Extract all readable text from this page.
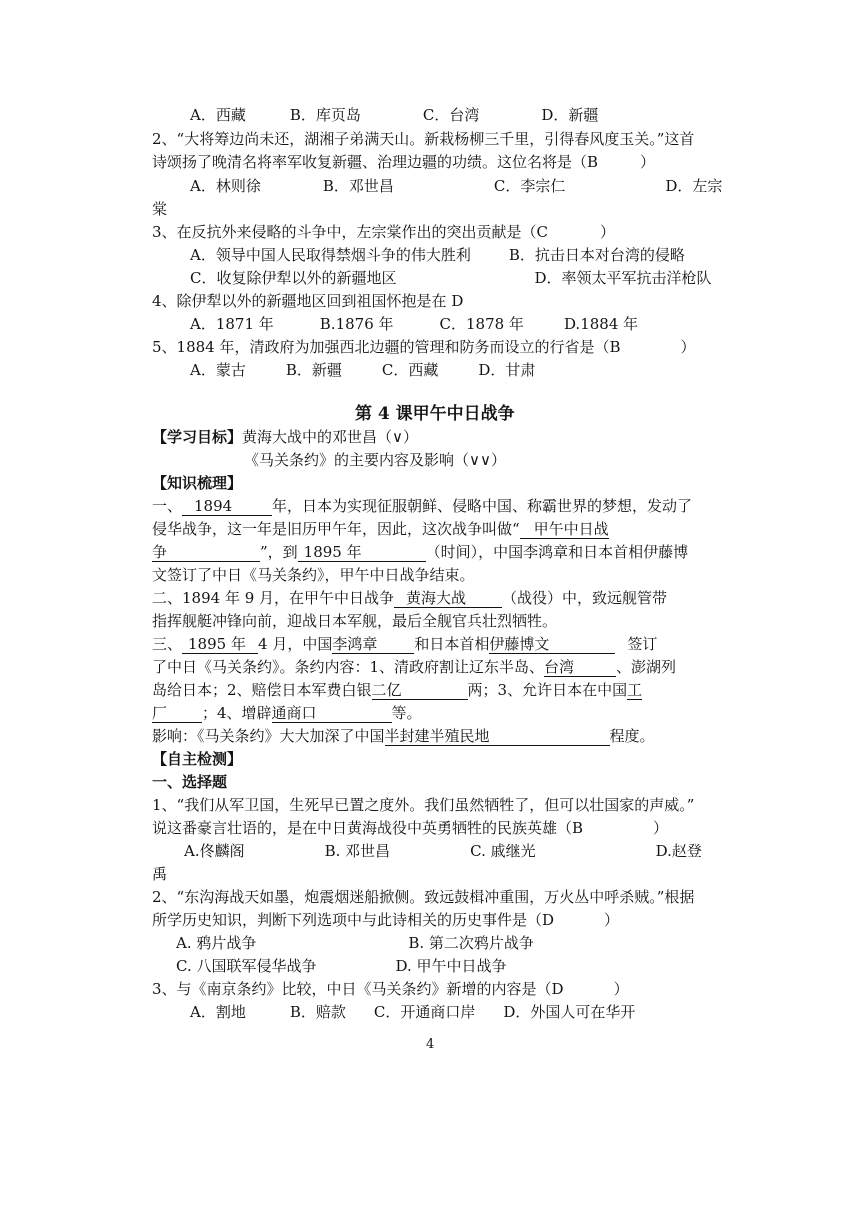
A．西藏	B．库页岛	C．台湾	D．新疆
2、“大将筹边尚未还，湖湘子弟满天山。新栽杨柳三千里，引得春风度玉关。”这首
诗颂扬了晚清名将率军收复新疆、治理边疆的功绩。这位名将是（B	）
A．林则徐	B．邓世昌	C．李宗仁	D．左宗
棠
3、在反抗外来侵略的斗争中，左宗棠作出的突出贡献是（C	）
A．领导中国人民取得禁烟斗争的伟大胜利	B．抗击日本对台湾的侵略
C．收复除伊犁以外的新疆地区	D．率领太平军抗击洋枪队
4、除伊犁以外的新疆地区回到祖国怀抱是在 D
A．1871 年	B.1876 年	C．1878 年	D.1884 年
5、1884 年，清政府为加强西北边疆的管理和防务而设立的行省是（B	）
A．蒙古	B．新疆	C．西藏	D．甘肃
第 4 课甲午中日战争
【学习目标】黄海大战中的邓世昌（∨）
《马关条约》的主要内容及影响（∨∨）
【知识梳理】
一、 1894	年，日本为实现征服朝鲜、侵略中国、称霸世界的梦想，发动了
侵华战争，这一年是旧历甲午年，因此，这次战争叫做“ 甲午中日战
争	”，到 1895 年	（时间），中国李鸿章和日本首相伊藤博
文签订了中日《马关条约》，甲午中日战争结束。
二、1894 年 9 月，在甲午中日战争 黄海大战 （战役）中，致远舰管带
指挥舰艇冲锋向前，迎战日本军舰，最后全舰官兵壮烈牺牲。
三、 1895 年 4 月，中国李鸿章 和日本首相伊藤博文	签订
了中日《马关条约》。条约内容：1、清政府割让辽东半岛、台湾	、澎湖列
岛给日本；2、赔偿日本军费白银二亿	两；3、允许日本在中国工
厂 ；4、增辟通商口	等。
影响：《马关条约》大大加深了中国半封建半殖民地	程度。
【自主检测】
一、选择题
1、“我们从军卫国，生死早已置之度外。我们虽然牺牲了，但可以壮国家的声威。”
说这番豪言壮语的，是在中日黄海战役中英勇牺牲的民族英雄（B	）
A.佟麟阁	B. 邓世昌	C. 戚继光	D.赵登
禹
2、“东沟海战天如墨，炮震烟迷船掀侧。致远鼓楫冲重围，万火丛中呼杀贼。”根据
所学历史知识，判断下列选项中与此诗相关的历史事件是（D	）
A. 鸦片战争	B. 第二次鸦片战争
C. 八国联军侵华战争	D. 甲午中日战争
3、与《南京条约》比较，中日《马关条约》新增的内容是（D	）
A．割地	B．赔款 C．开通商口岸 D．外国人可在华开
4
